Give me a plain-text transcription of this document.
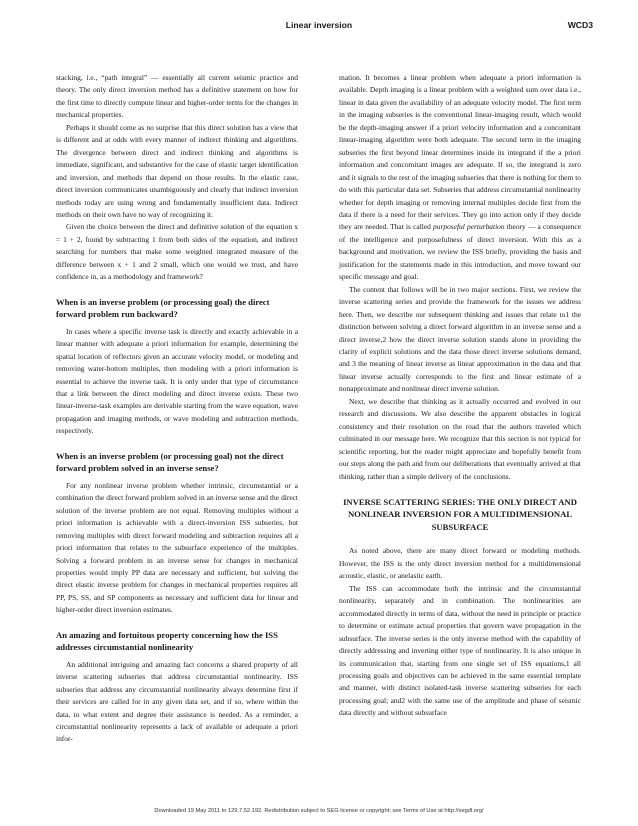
Linear inversion	WCD3

stacking, i.e., “path integral” — essentially all current seismic practice and theory. The only direct inversion method has a definitive statement on how for the first time to directly compute linear and higher-order terms for the changes in mechanical properties.

Perhaps it should come as no surprise that this direct solution has a view that is different and at odds with every manner of indirect thinking and algorithms. The divergence between direct and indirect thinking and algorithms is immediate, significant, and substantive for the case of elastic target identification and inversion, and methods that depend on those results. In the elastic case, direct inversion communicates unambiguously and clearly that indirect inversion methods today are using wrong and fundamentally insufficient data. Indirect methods on their own have no way of recognizing it.

Given the choice between the direct and definitive solution of the equation x = 1 + 2, found by subtracting 1 from both sides of the equation, and indirect searching for numbers that make some weighted integrated measure of the difference between x + 1 and 2 small, which one would we trust, and have confidence in, as a methodology and framework?

When is an inverse problem (or processing goal) the direct forward problem run backward?

In cases where a specific inverse task is directly and exactly achievable in a linear manner with adequate a priori information for example, determining the spatial location of reflectors given an accurate velocity model, or modeling and removing water-bottom multiples, then modeling with a priori information is essential to achieve the inverse task. It is only under that type of circumstance that a link between the direct modeling and direct inverse exists. These two linear-inverse-task examples are derivable starting from the wave equation, wave propagation and imaging methods, or wave modeling and subtraction methods, respectively.

When is an inverse problem (or processing goal) not the direct forward problem solved in an inverse sense?

For any nonlinear inverse problem whether intrinsic, circumstantial or a combination the direct forward problem solved in an inverse sense and the direct solution of the inverse problem are not equal. Removing multiples without a priori information is achievable with a direct-inversion ISS subseries, but removing multiples with direct forward modeling and subtraction requires all a priori information that relates to the subsurface experience of the multiples. Solving a forward problem in an inverse sense for changes in mechanical properties would imply PP data are necessary and sufficient, but solving the direct elastic inverse problem for changes in mechanical properties requires all PP, PS, SS, and SP components as necessary and sufficient data for linear and higher-order direct inversion estimates.

An amazing and fortuitous property concerning how the ISS addresses circumstantial nonlinearity

An additional intriguing and amazing fact concerns a shared property of all inverse scattering subseries that address circumstantial nonlinearity. ISS subseries that address any circumstantial nonlinearity always determine first if their services are called for in any given data set, and if so, where within the data, to what extent and degree their assistance is needed. As a reminder, a circumstantial nonlinearity represents a lack of available or adequate a priori infor-

mation. It becomes a linear problem when adequate a priori information is available. Depth imaging is a linear problem with a weighted sum over data i.e., linear in data given the availability of an adequate velocity model. The first term in the imaging subseries is the conventional linear-imaging result, which would be the depth-imaging answer if a priori velocity information and a concomitant linear-imaging algorithm were both adequate. The second term in the imaging subseries the first beyond linear determines inside its integrand if the a priori information and concomitant images are adequate. If so, the integrand is zero and it signals to the rest of the imaging subseries that there is nothing for them to do with this particular data set. Subseries that address circumstantial nonlinearity whether for depth imaging or removing internal multiples decide first from the data if there is a need for their services. They go into action only if they decide they are needed. That is called purposeful perturbation theory — a consequence of the intelligence and purposefulness of direct inversion. With this as a background and motivation, we review the ISS briefly, providing the basis and justification for the statements made in this introduction, and move toward our specific message and goal.

The content that follows will be in two major sections. First, we review the inverse scattering series and provide the framework for the issues we address here. Then, we describe our subsequent thinking and issues that relate to1 the distinction between solving a direct forward algorithm in an inverse sense and a direct inverse,2 how the direct inverse solution stands alone in providing the clarity of explicit solutions and the data those direct inverse solutions demand, and 3 the meaning of linear inverse as linear approximation in the data and that linear inverse actually corresponds to the first and linear estimate of a nonapproximate and nonlinear direct inverse solution.

Next, we describe that thinking as it actually occurred and evolved in our research and discussions. We also describe the apparent obstacles in logical consistency and their resolution on the road that the authors traveled which culminated in our message here. We recognize that this section is not typical for scientific reporting, but the reader might appreciate and hopefully benefit from our steps along the path and from our deliberations that eventually arrived at that thinking, rather than a simple delivery of the conclusions.

INVERSE SCATTERING SERIES: THE ONLY DIRECT AND NONLINEAR INVERSION FOR A MULTIDIMENSIONAL SUBSURFACE

As noted above, there are many direct forward or modeling methods. However, the ISS is the only direct inversion method for a multidimensional acoustic, elastic, or anelastic earth.

The ISS can accommodate both the intrinsic and the circumstantial nonlinearity, separately and in combination. The nonlinearities are accommodated directly in terms of data, without the need in principle or practice to determine or estimate actual properties that govern wave propagation in the subsurface. The inverse series is the only inverse method with the capability of directly addressing and inverting either type of nonlinearity. It is also unique in its communication that, starting from one single set of ISS equations,1 all processing goals and objectives can be achieved in the same essential template and manner, with distinct isolated-task inverse scattering subseries for each processing goal; and2 with the same use of the amplitude and phase of seismic data directly and without subsurface

Downloaded 19 May 2011 to 129.7.52.192. Redistribution subject to SEG license or copyright; see Terms of Use at http://segdl.org/
